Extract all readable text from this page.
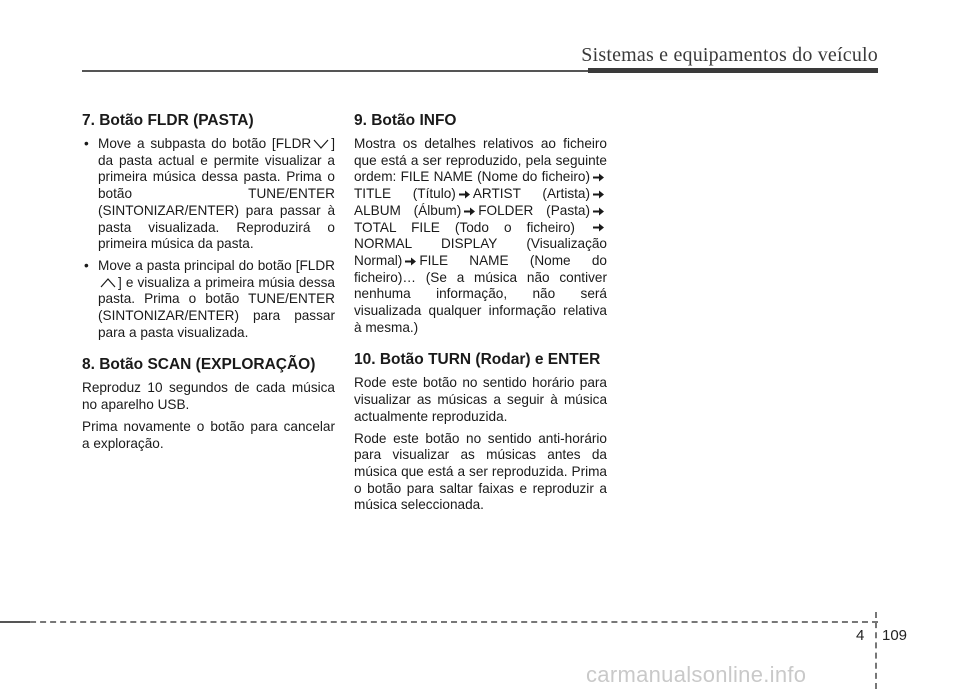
Sistemas e equipamentos do veículo
7. Botão FLDR (PASTA)
• Move a subpasta do botão [FLDR ] da pasta actual e permite visualizar a primeira música dessa pasta. Prima o botão TUNE/ENTER (SINTONIZAR/ENTER) para passar à pasta visualizada. Reproduzirá o primeira música da pasta.
• Move a pasta principal do botão [FLDR] e visualiza a primeira músia dessa pasta. Prima o botão TUNE/ENTER (SINTONIZAR/ENTER) para passar para a pasta visualizada.
8. Botão SCAN (EXPLORAÇÃO)

Reproduz 10 segundos de cada música no aparelho USB.

Prima novamente o botão para cancelar a exploração.

9. Botão INFO

Mostra os detalhes relativos ao ficheiro que está a ser reproduzido, pela seguinte ordem: FILE NAME (Nome do ficheiro)TITLE (Título) ARTIST (Artista)ALBUM (Álbum) FOLDER (Pasta)TOTAL FILE (Todo o ficheiro) NORMAL DISPLAY (Visualização Normal) FILE NAME (Nome do ficheiro)… (Se a música não contiver nenhuma informação, não será visualizada qualquer informação relativa à mesma.)

10. Botão TURN (Rodar) e ENTER

Rode este botão no sentido horário para visualizar as músicas a seguir à música actualmente reproduzida.

Rode este botão no sentido anti-horário para visualizar as músicas antes da música que está a ser reproduzida. Prima o botão para saltar faixas e reproduzir a música seleccionada.

4 109
carmanualsonline.info
